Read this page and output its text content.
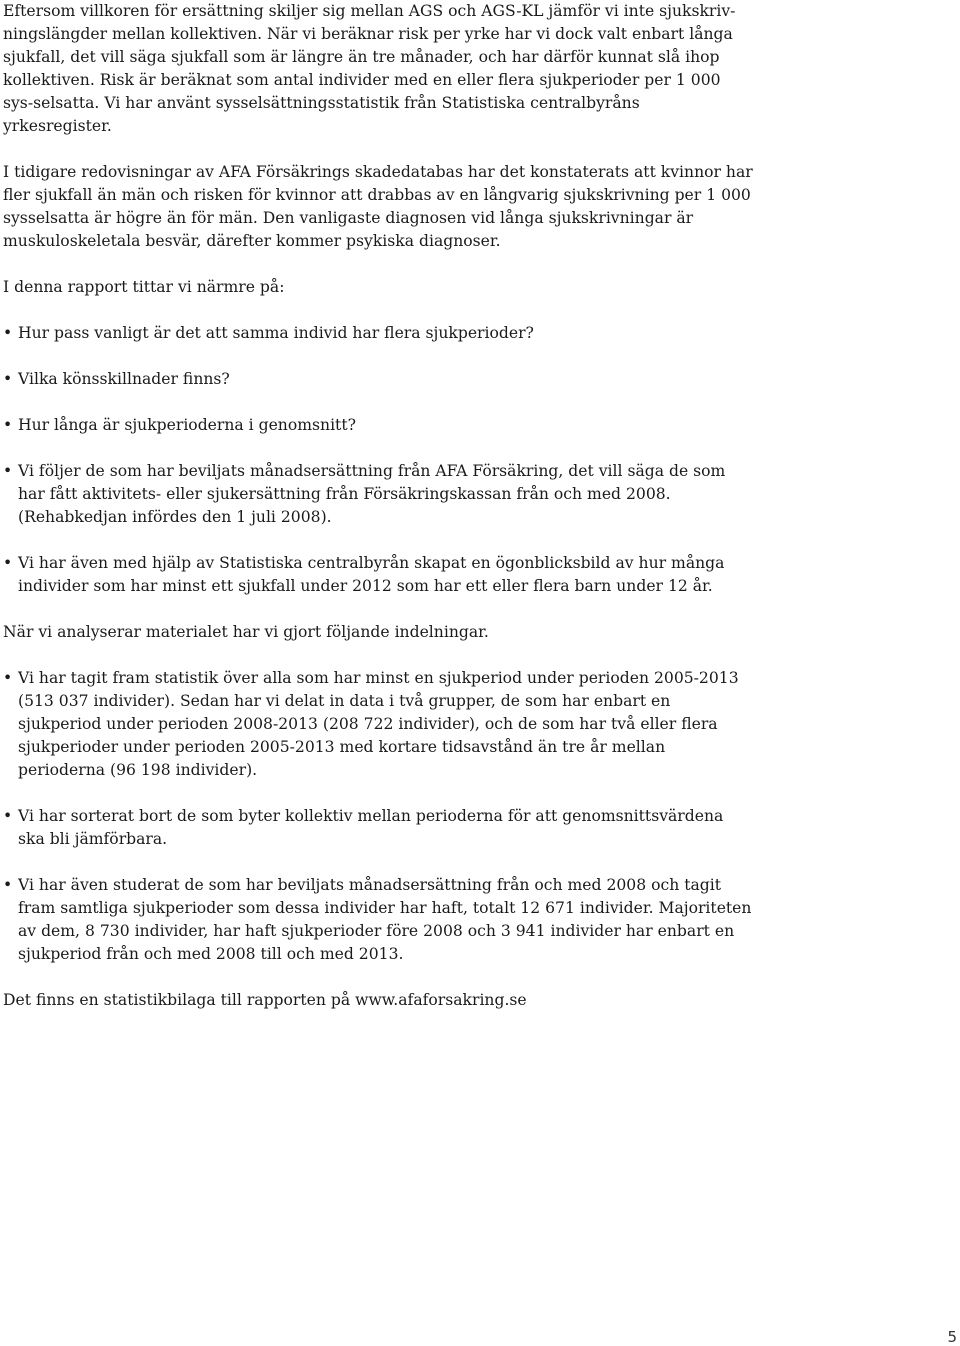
Eftersom villkoren för ersättning skiljer sig mellan AGS och AGS-KL jämför vi inte sjukskriv-ningslängder mellan kollektiven. När vi beräknar risk per yrke har vi dock valt enbart långa sjukfall, det vill säga sjukfall som är längre än tre månader, och har därför kunnat slå ihop kollektiven. Risk är beräknat som antal individer med en eller flera sjukperioder per 1 000 sys-selsatta. Vi har använt sysselsättningsstatistik från Statistiska centralbyråns yrkesregister.

I tidigare redovisningar av AFA Försäkrings skadedatabas har det konstaterats att kvinnor har fler sjukfall än män och risken för kvinnor att drabbas av en långvarig sjukskrivning per 1 000 sysselsatta är högre än för män. Den vanligaste diagnosen vid långa sjukskrivningar är muskuloskeletala besvär, därefter kommer psykiska diagnoser.

I denna rapport tittar vi närmre på:

• Hur pass vanligt är det att samma individ har flera sjukperioder?
• Vilka könsskillnader finns?
• Hur långa är sjukperioderna i genomsnitt?
• Vi följer de som har beviljats månadsersättning från AFA Försäkring, det vill säga de som har fått aktivitets- eller sjukersättning från Försäkringskassan från och med 2008. (Rehabkedjan infördes den 1 juli 2008).
• Vi har även med hjälp av Statistiska centralbyrån skapat en ögonblicksbild av hur många individer som har minst ett sjukfall under 2012 som har ett eller flera barn under 12 år.

När vi analyserar materialet har vi gjort följande indelningar.

• Vi har tagit fram statistik över alla som har minst en sjukperiod under perioden 2005-2013 (513 037 individer). Sedan har vi delat in data i två grupper, de som har enbart en sjukperiod under perioden 2008-2013 (208 722 individer), och de som har två eller flera sjukperioder under perioden 2005-2013 med kortare tidsavstånd än tre år mellan perioderna (96 198 individer).
• Vi har sorterat bort de som byter kollektiv mellan perioderna för att genomsnittsvärdena ska bli jämförbara.
• Vi har även studerat de som har beviljats månadsersättning från och med 2008 och tagit fram samtliga sjukperioder som dessa individer har haft, totalt 12 671 individer. Majoriteten av dem, 8 730 individer, har haft sjukperioder före 2008 och 3 941 individer har enbart en sjukperiod från och med 2008 till och med 2013.

Det finns en statistikbilaga till rapporten på www.afaforsakring.se

5
